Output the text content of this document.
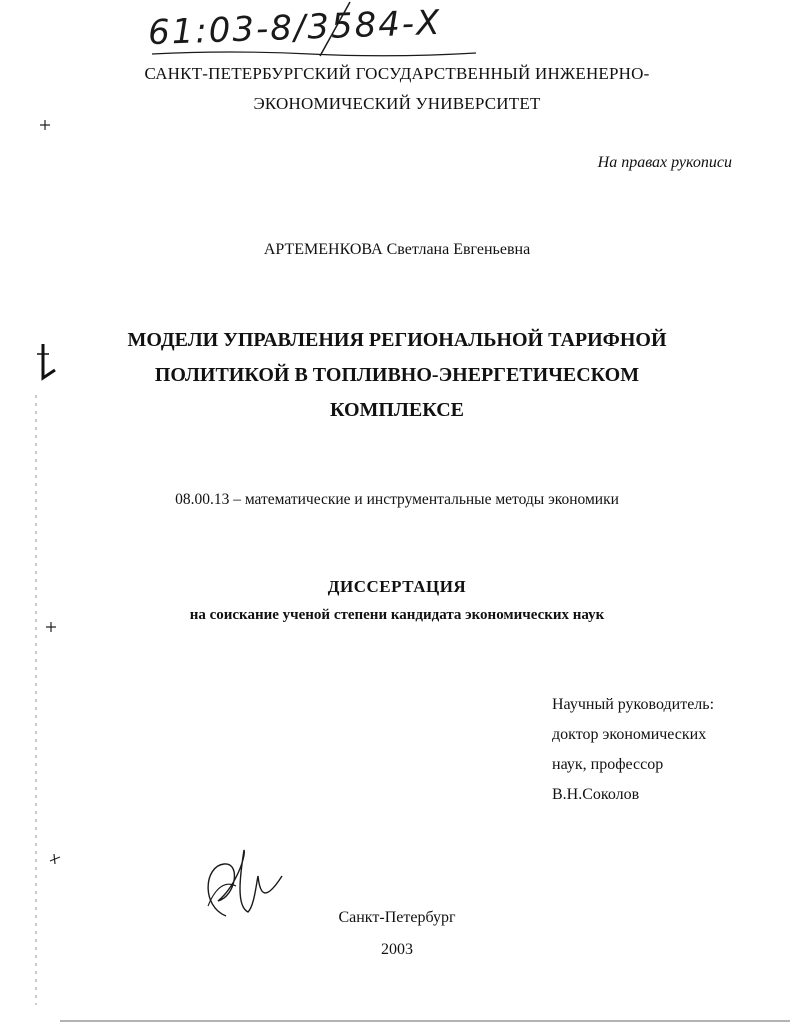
61:03-8/3584-Х
САНКТ-ПЕТЕРБУРГСКИЙ ГОСУДАРСТВЕННЫЙ ИНЖЕНЕРНО-
ЭКОНОМИЧЕСКИЙ УНИВЕРСИТЕТ
На правах рукописи
АРТЕМЕНКОВА Светлана Евгеньевна
МОДЕЛИ УПРАВЛЕНИЯ РЕГИОНАЛЬНОЙ ТАРИФНОЙ
ПОЛИТИКОЙ В ТОПЛИВНО-ЭНЕРГЕТИЧЕСКОМ
КОМПЛЕКСЕ
08.00.13 – математические и инструментальные методы экономики
ДИССЕРТАЦИЯ
на соискание ученой степени кандидата экономических наук
Научный руководитель:
доктор экономических
наук, профессор
В.Н.Соколов
Санкт-Петербург
2003
